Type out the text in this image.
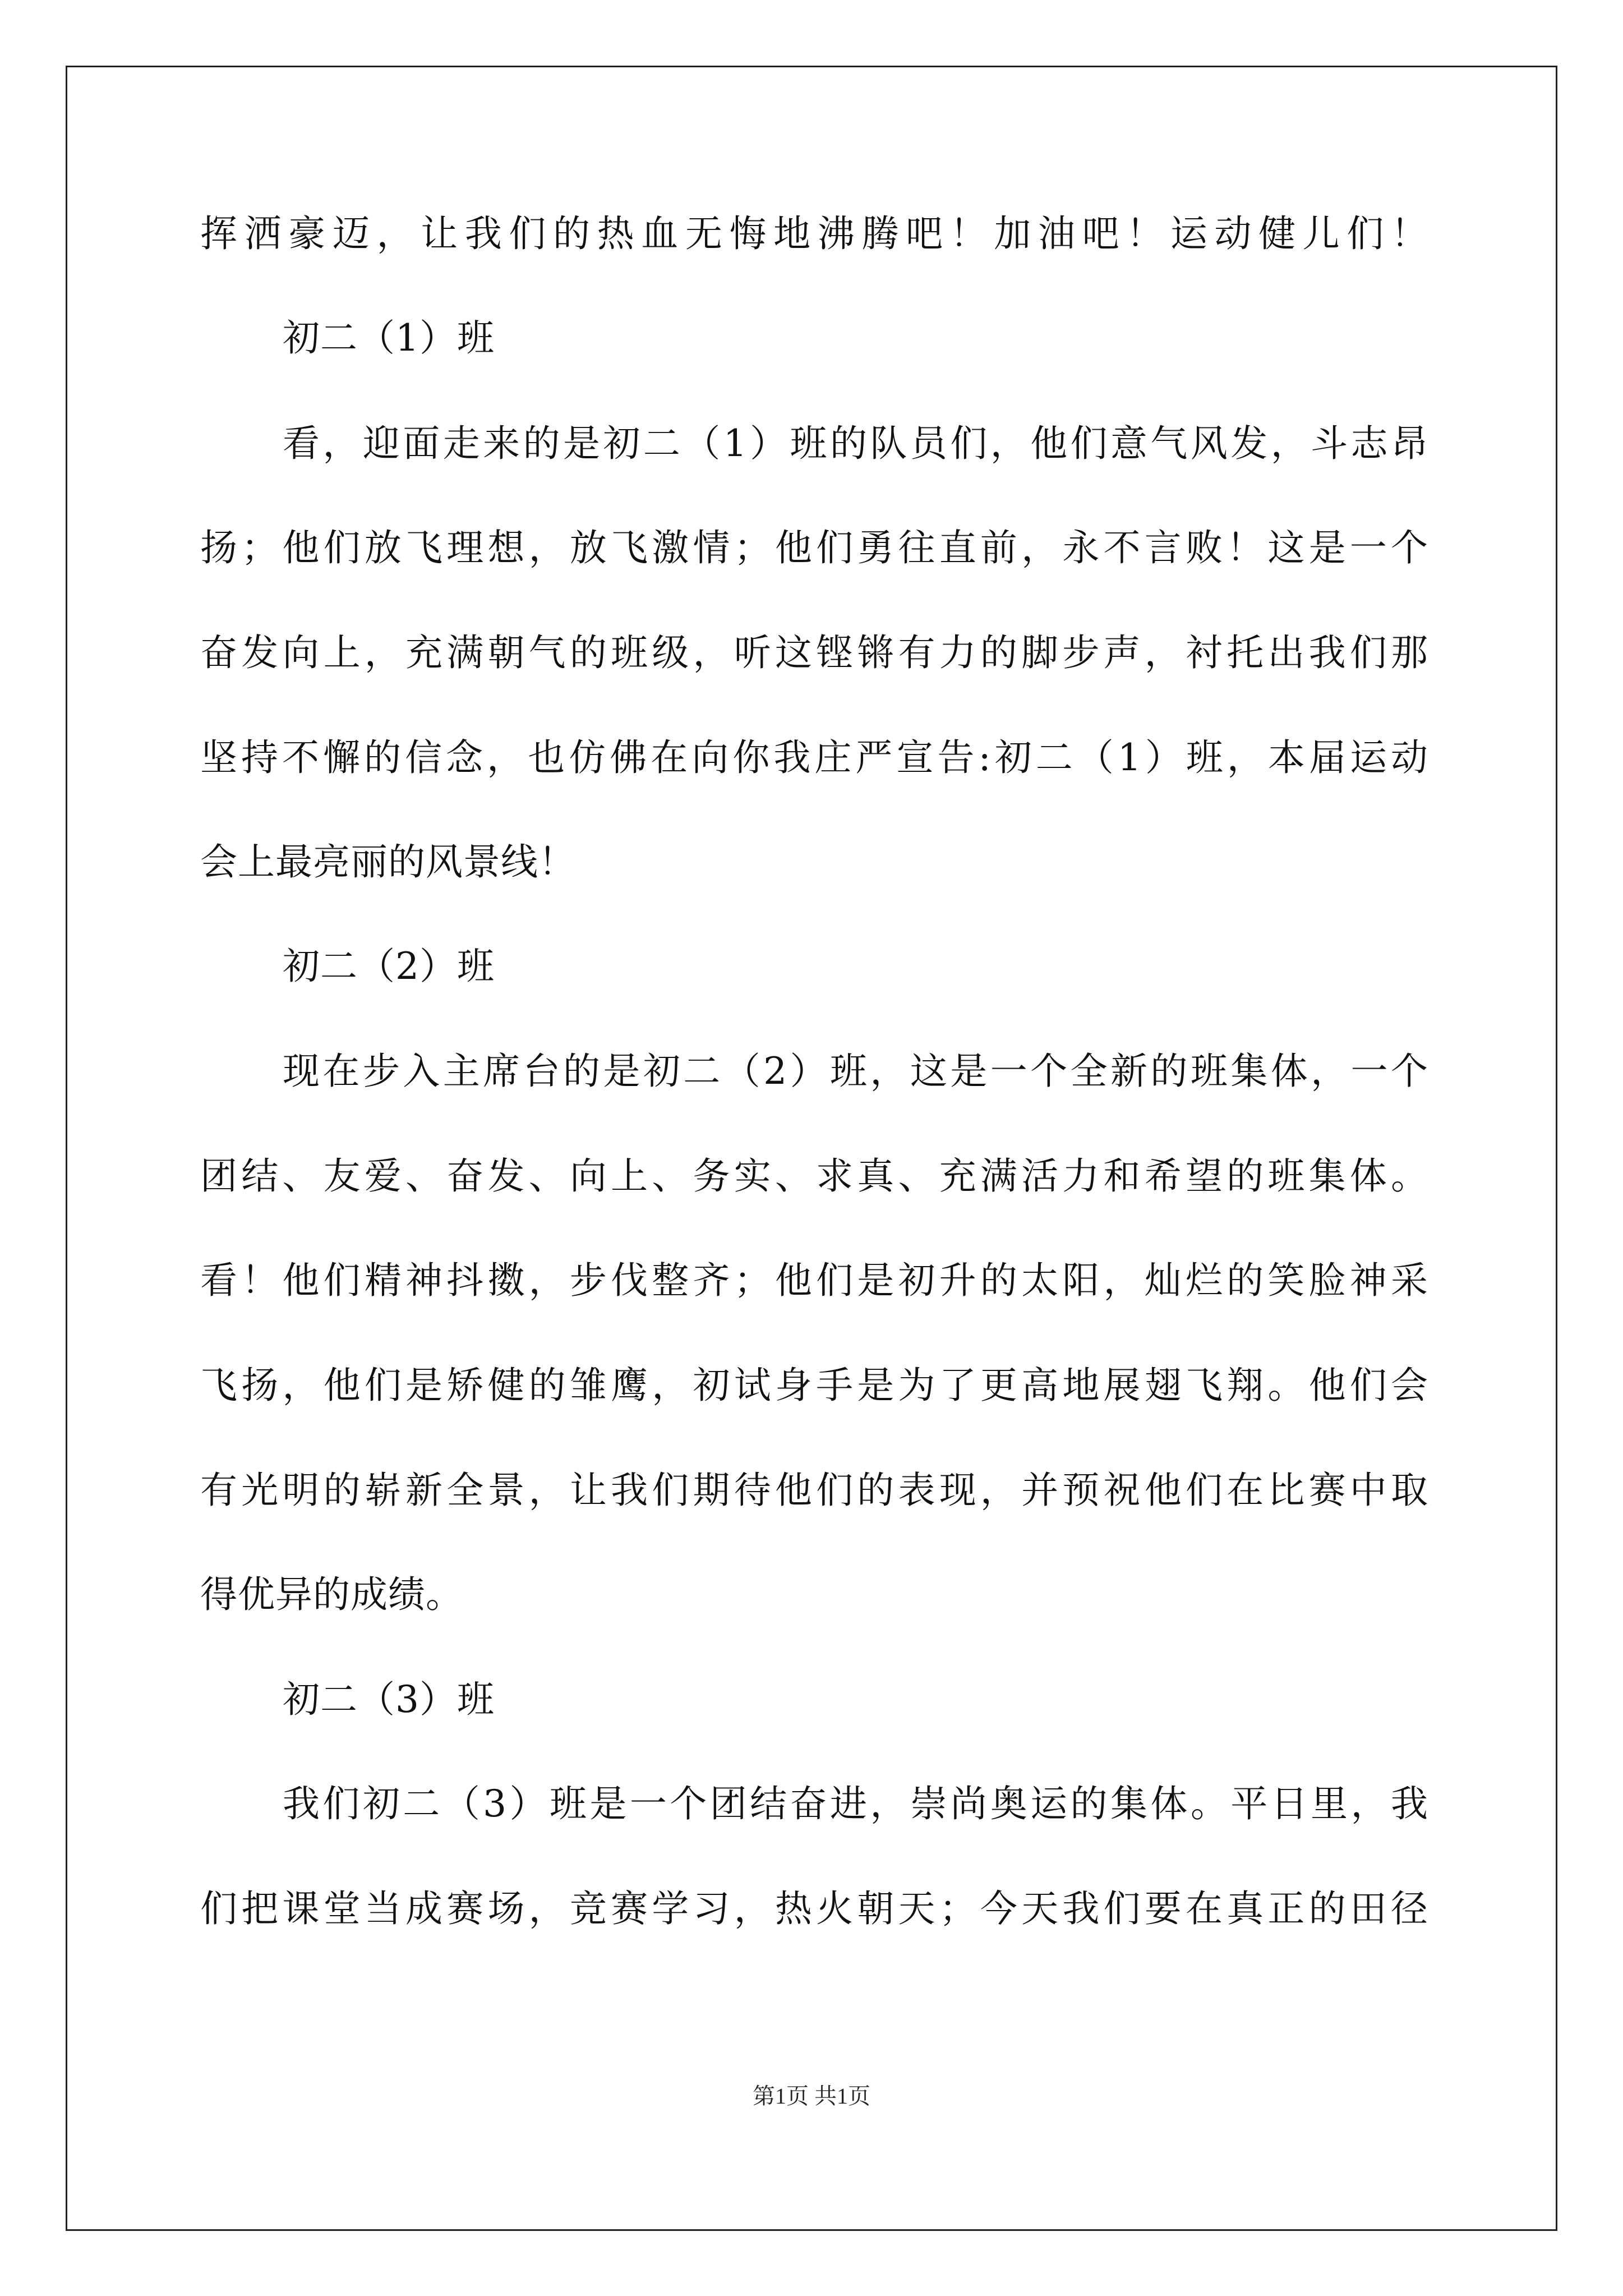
挥洒豪迈，让我们的热血无悔地沸腾吧！加油吧！运动健儿们！
初二（1）班
看，迎面走来的是初二（1）班的队员们，他们意气风发，斗志昂
扬；他们放飞理想，放飞激情；他们勇往直前，永不言败！这是一个
奋发向上，充满朝气的班级，听这铿锵有力的脚步声，衬托出我们那
坚持不懈的信念，也仿佛在向你我庄严宣告:初二（1）班，本届运动
会上最亮丽的风景线！
初二（2）班
现在步入主席台的是初二（2）班，这是一个全新的班集体，一个
团结、友爱、奋发、向上、务实、求真、充满活力和希望的班集体。
看！他们精神抖擞，步伐整齐；他们是初升的太阳，灿烂的笑脸神采
飞扬，他们是矫健的雏鹰，初试身手是为了更高地展翅飞翔。他们会
有光明的崭新全景，让我们期待他们的表现，并预祝他们在比赛中取
得优异的成绩。
初二（3）班
我们初二（3）班是一个团结奋进，崇尚奥运的集体。平日里，我
们把课堂当成赛场，竞赛学习，热火朝天；今天我们要在真正的田径
第1页 共1页
